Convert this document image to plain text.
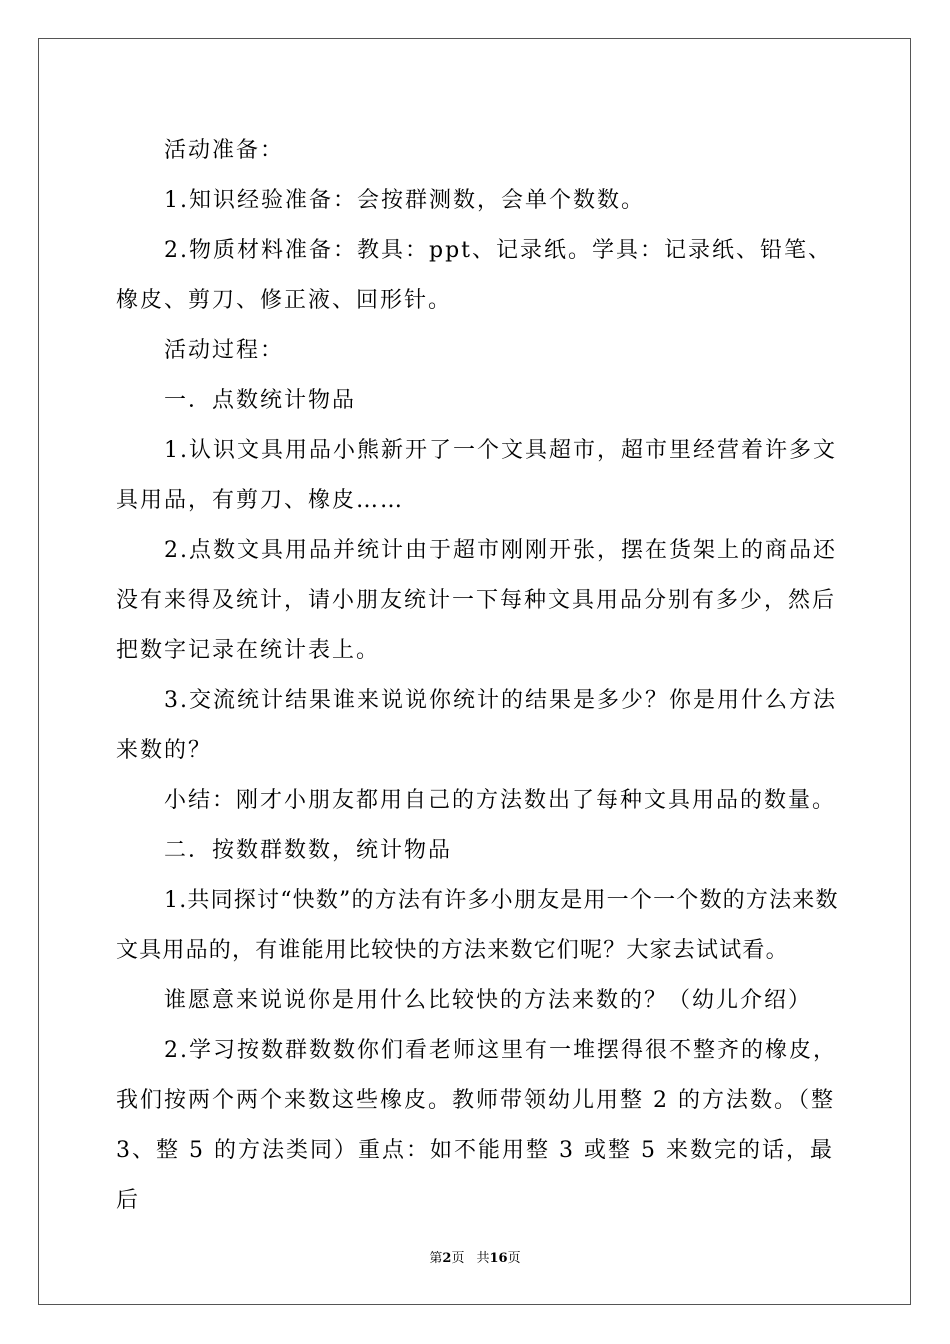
活动准备：

1.知识经验准备：会按群测数，会单个数数。

2.物质材料准备：教具：ppt、记录纸。学具：记录纸、铅笔、橡皮、剪刀、修正液、回形针。

活动过程：

一．点数统计物品

1.认识文具用品小熊新开了一个文具超市，超市里经营着许多文具用品，有剪刀、橡皮……

2.点数文具用品并统计由于超市刚刚开张，摆在货架上的商品还没有来得及统计，请小朋友统计一下每种文具用品分别有多少，然后把数字记录在统计表上。

3.交流统计结果谁来说说你统计的结果是多少？你是用什么方法来数的？

小结：刚才小朋友都用自己的方法数出了每种文具用品的数量。

二．按数群数数，统计物品

1.共同探讨“快数”的方法有许多小朋友是用一个一个数的方法来数文具用品的，有谁能用比较快的方法来数它们呢？大家去试试看。

谁愿意来说说你是用什么比较快的方法来数的？（幼儿介绍）

2.学习按数群数数你们看老师这里有一堆摆得很不整齐的橡皮，我们按两个两个来数这些橡皮。教师带领幼儿用整 2 的方法数。（整 3、整 5 的方法类同）重点：如不能用整 3 或整 5 来数完的话，最后

第2页 共16页
